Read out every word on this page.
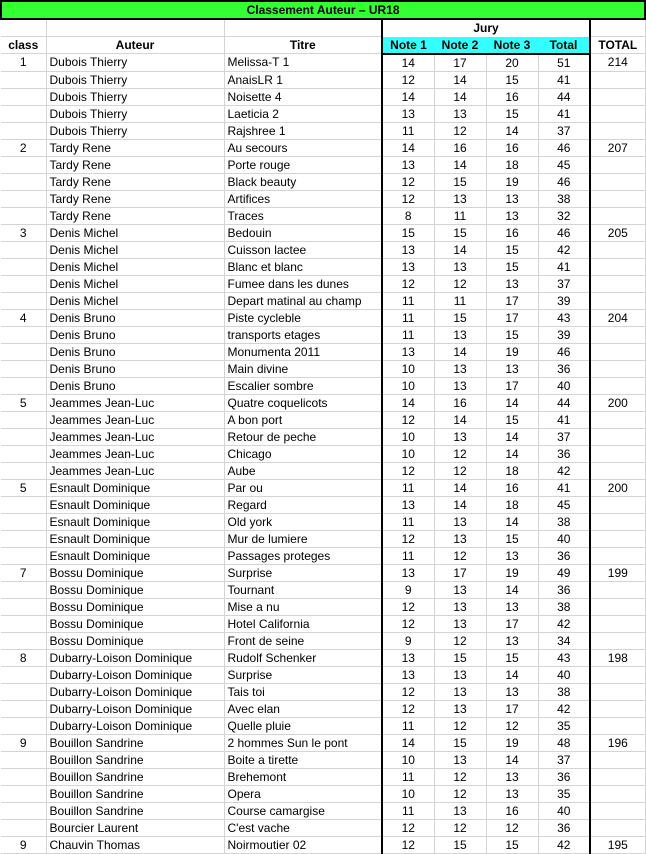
Classement Auteur – UR18							
			Jury				
class	Auteur	Titre	Note 1	Note 2	Note 3	Total	TOTAL
1	Dubois Thierry	Melissa-T 1	14	17	20	51	214
	Dubois Thierry	AnaisLR 1	12	14	15	41	
	Dubois Thierry	Noisette 4	14	14	16	44	
	Dubois Thierry	Laeticia 2	13	13	15	41	
	Dubois Thierry	Rajshree 1	11	12	14	37	
2	Tardy Rene	Au secours	14	16	16	46	207
	Tardy Rene	Porte rouge	13	14	18	45	
	Tardy Rene	Black beauty	12	15	19	46	
	Tardy Rene	Artifices	12	13	13	38	
	Tardy Rene	Traces	8	11	13	32	
3	Denis Michel	Bedouin	15	15	16	46	205
	Denis Michel	Cuisson lactee	13	14	15	42	
	Denis Michel	Blanc et blanc	13	13	15	41	
	Denis Michel	Fumee dans les dunes	12	12	13	37	
	Denis Michel	Depart matinal au champ	11	11	17	39	
4	Denis Bruno	Piste cycleble	11	15	17	43	204
	Denis Bruno	transports etages	11	13	15	39	
	Denis Bruno	Monumenta 2011	13	14	19	46	
	Denis Bruno	Main divine	10	13	13	36	
	Denis Bruno	Escalier sombre	10	13	17	40	
5	Jeammes Jean-Luc	Quatre coquelicots	14	16	14	44	200
	Jeammes Jean-Luc	A bon port	12	14	15	41	
	Jeammes Jean-Luc	Retour de peche	10	13	14	37	
	Jeammes Jean-Luc	Chicago	10	12	14	36	
	Jeammes Jean-Luc	Aube	12	12	18	42	
5	Esnault Dominique	Par ou	11	14	16	41	200
	Esnault Dominique	Regard	13	14	18	45	
	Esnault Dominique	Old york	11	13	14	38	
	Esnault Dominique	Mur de lumiere	12	13	15	40	
	Esnault Dominique	Passages proteges	11	12	13	36	
7	Bossu Dominique	Surprise	13	17	19	49	199
	Bossu Dominique	Tournant	9	13	14	36	
	Bossu Dominique	Mise a nu	12	13	13	38	
	Bossu Dominique	Hotel California	12	13	17	42	
	Bossu Dominique	Front de seine	9	12	13	34	
8	Dubarry-Loison Dominique	Rudolf Schenker	13	15	15	43	198
	Dubarry-Loison Dominique	Surprise	13	13	14	40	
	Dubarry-Loison Dominique	Tais toi	12	13	13	38	
	Dubarry-Loison Dominique	Avec elan	12	13	17	42	
	Dubarry-Loison Dominique	Quelle pluie	11	12	12	35	
9	Bouillon Sandrine	2 hommes Sun le pont	14	15	19	48	196
	Bouillon Sandrine	Boite a tirette	10	13	14	37	
	Bouillon Sandrine	Brehemont	11	12	13	36	
	Bouillon Sandrine	Opera	10	12	13	35	
	Bouillon Sandrine	Course camargise	11	13	16	40	
	Bourcier Laurent	C'est vache	12	12	12	36	
9	Chauvin Thomas	Noirmoutier 02	12	15	15	42	195
